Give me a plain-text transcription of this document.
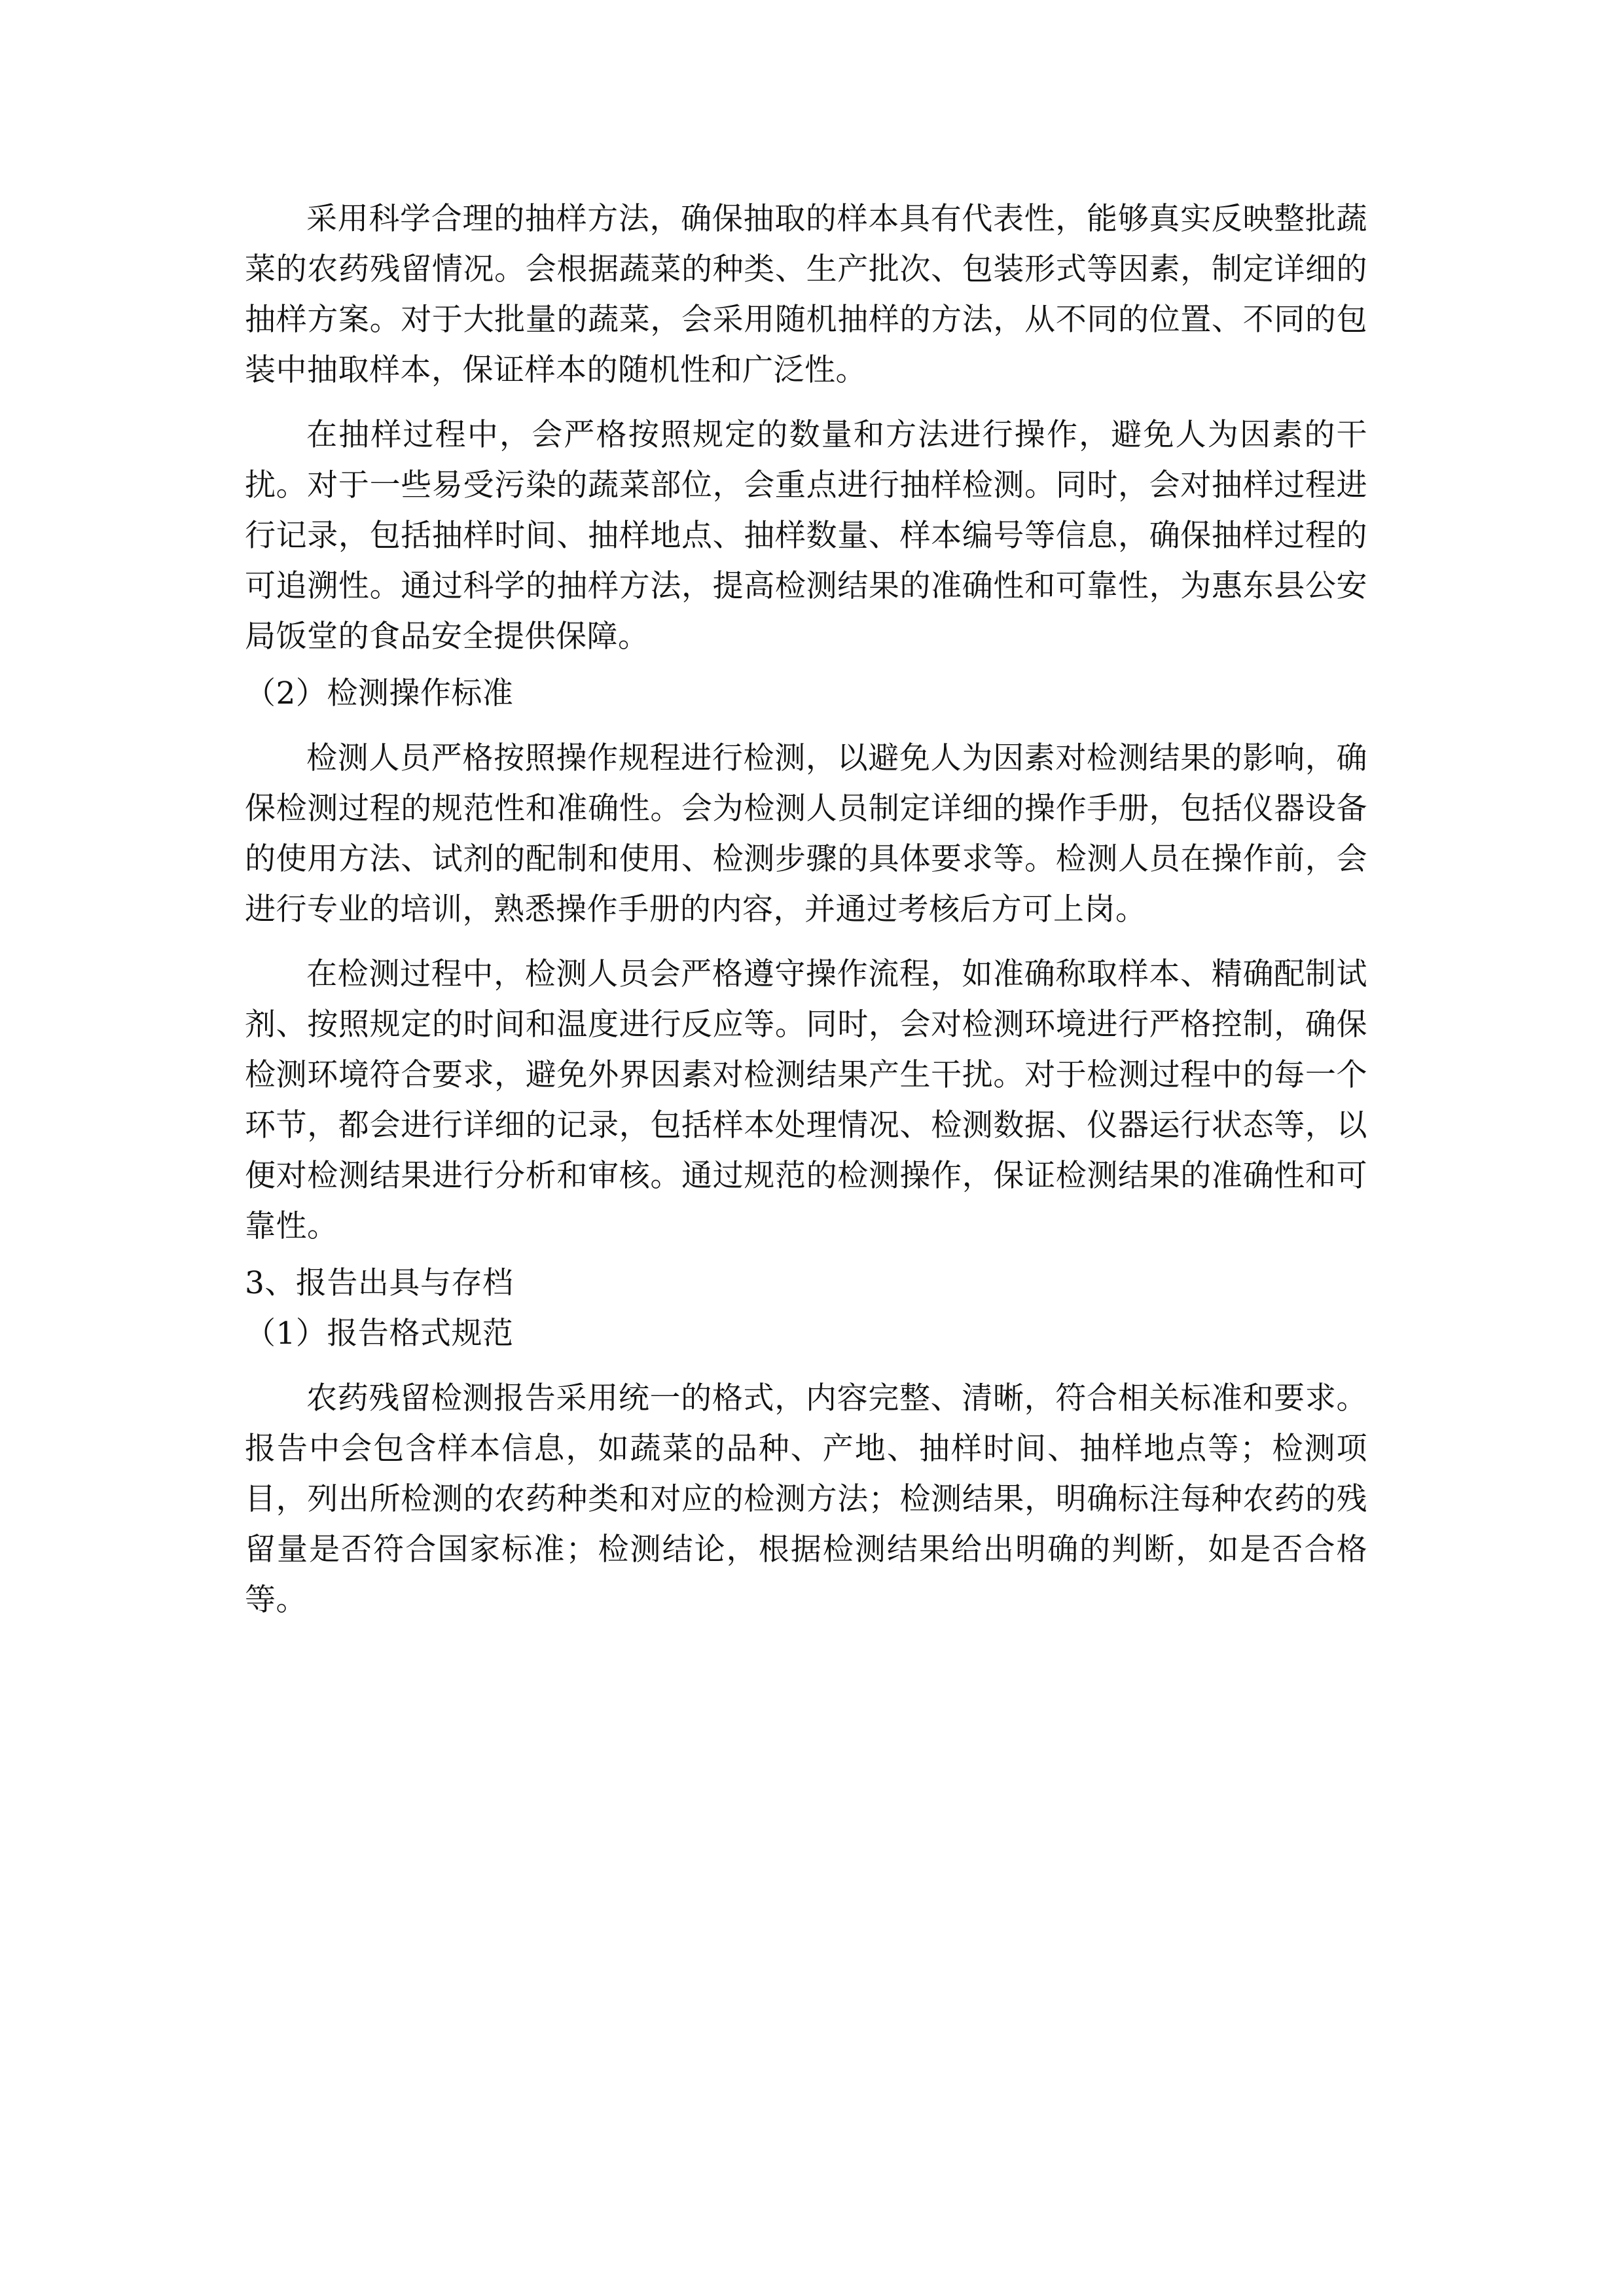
采用科学合理的抽样方法，确保抽取的样本具有代表性，能够真实反映整批蔬菜的农药残留情况。会根据蔬菜的种类、生产批次、包装形式等因素，制定详细的抽样方案。对于大批量的蔬菜，会采用随机抽样的方法，从不同的位置、不同的包装中抽取样本，保证样本的随机性和广泛性。

在抽样过程中，会严格按照规定的数量和方法进行操作，避免人为因素的干扰。对于一些易受污染的蔬菜部位，会重点进行抽样检测。同时，会对抽样过程进行记录，包括抽样时间、抽样地点、抽样数量、样本编号等信息，确保抽样过程的可追溯性。通过科学的抽样方法，提高检测结果的准确性和可靠性，为惠东县公安局饭堂的食品安全提供保障。

（2）检测操作标准

检测人员严格按照操作规程进行检测，以避免人为因素对检测结果的影响，确保检测过程的规范性和准确性。会为检测人员制定详细的操作手册，包括仪器设备的使用方法、试剂的配制和使用、检测步骤的具体要求等。检测人员在操作前，会进行专业的培训，熟悉操作手册的内容，并通过考核后方可上岗。

在检测过程中，检测人员会严格遵守操作流程，如准确称取样本、精确配制试剂、按照规定的时间和温度进行反应等。同时，会对检测环境进行严格控制，确保检测环境符合要求，避免外界因素对检测结果产生干扰。对于检测过程中的每一个环节，都会进行详细的记录，包括样本处理情况、检测数据、仪器运行状态等，以便对检测结果进行分析和审核。通过规范的检测操作，保证检测结果的准确性和可靠性。

3、报告出具与存档

（1）报告格式规范

农药残留检测报告采用统一的格式，内容完整、清晰，符合相关标准和要求。报告中会包含样本信息，如蔬菜的品种、产地、抽样时间、抽样地点等；检测项目，列出所检测的农药种类和对应的检测方法；检测结果，明确标注每种农药的残留量是否符合国家标准；检测结论，根据检测结果给出明确的判断，如是否合格等。
